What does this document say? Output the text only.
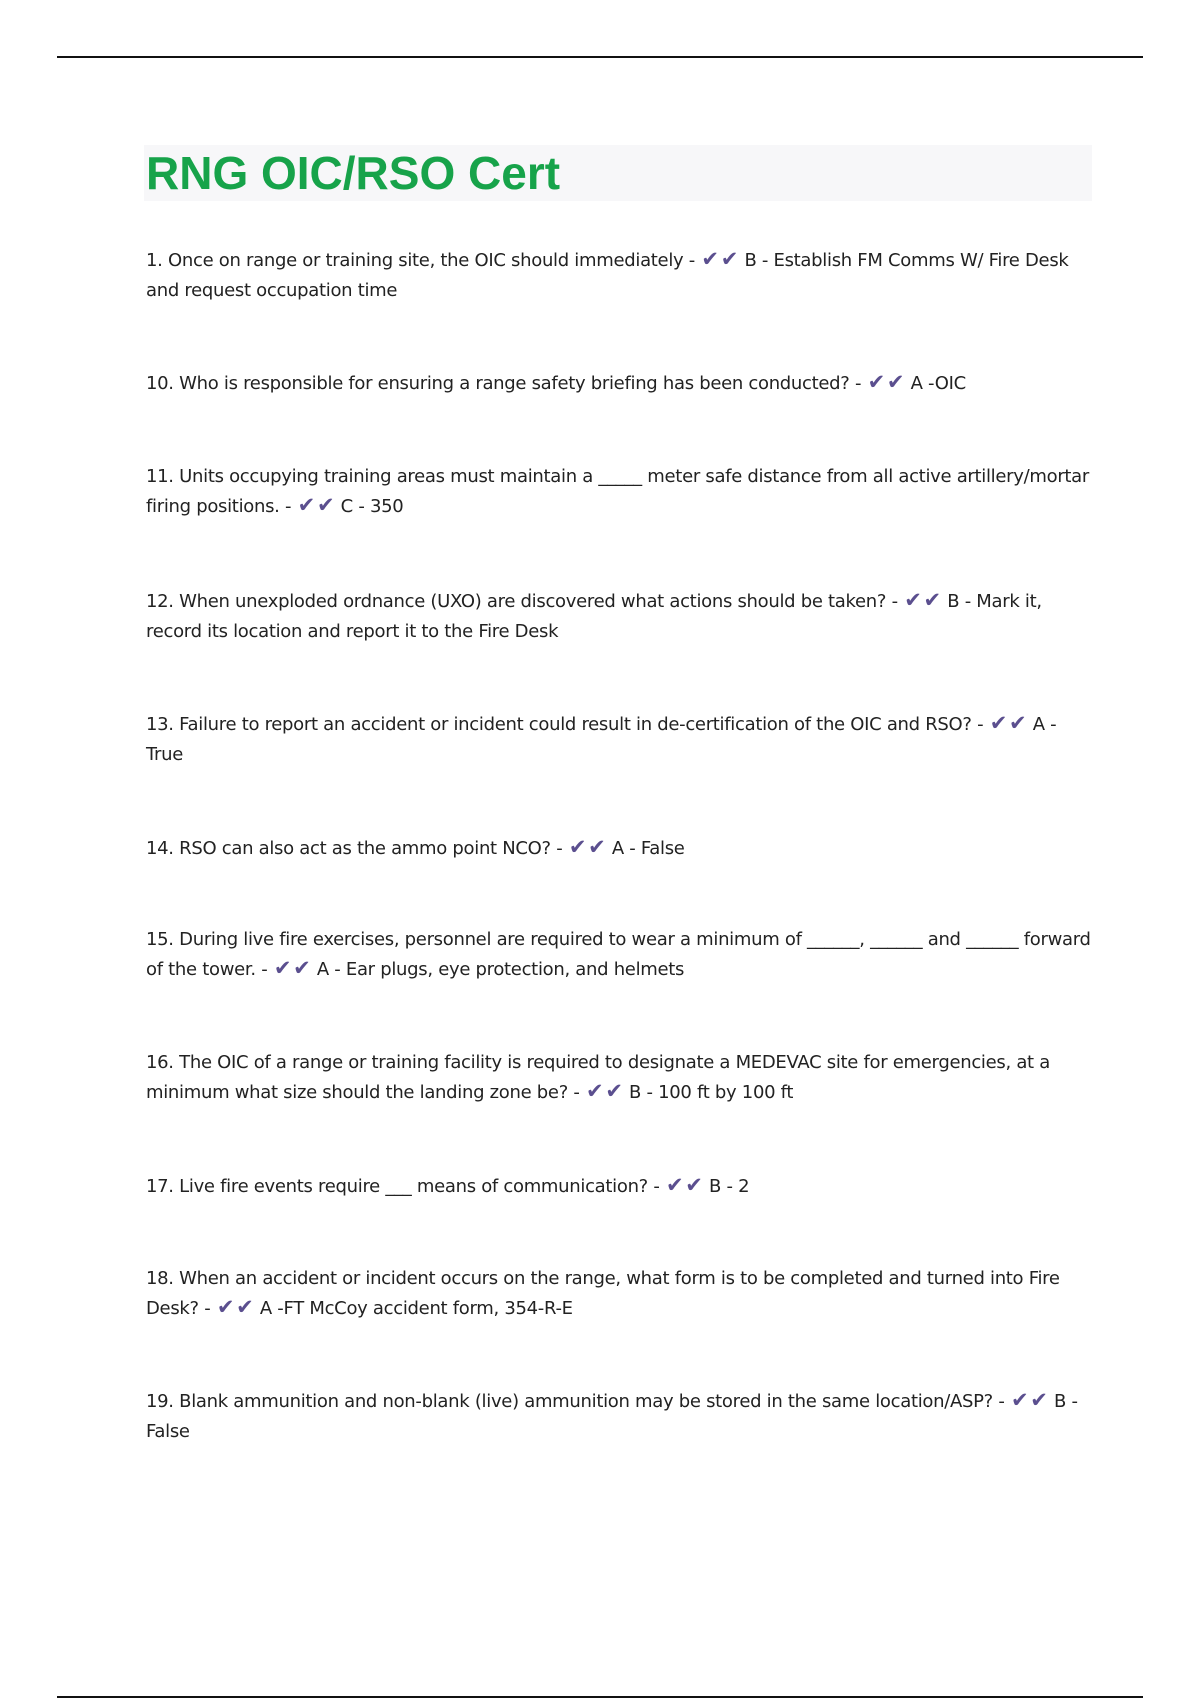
RNG OIC/RSO Cert
1. Once on range or training site, the OIC should immediately - ✔✔ B - Establish FM Comms W/ Fire Desk and request occupation time
10. Who is responsible for ensuring a range safety briefing has been conducted? - ✔✔ A -OIC
11. Units occupying training areas must maintain a _____ meter safe distance from all active artillery/mortar firing positions. - ✔✔ C - 350
12. When unexploded ordnance (UXO) are discovered what actions should be taken? - ✔✔ B - Mark it, record its location and report it to the Fire Desk
13. Failure to report an accident or incident could result in de-certification of the OIC and RSO? - ✔✔ A - True
14. RSO can also act as the ammo point NCO? - ✔✔ A - False
15. During live fire exercises, personnel are required to wear a minimum of ______, ______ and ______ forward of the tower. - ✔✔ A - Ear plugs, eye protection, and helmets
16. The OIC of a range or training facility is required to designate a MEDEVAC site for emergencies, at a minimum what size should the landing zone be? - ✔✔ B - 100 ft by 100 ft
17. Live fire events require ___ means of communication? - ✔✔ B - 2
18. When an accident or incident occurs on the range, what form is to be completed and turned into Fire Desk? - ✔✔ A -FT McCoy accident form, 354-R-E
19. Blank ammunition and non-blank (live) ammunition may be stored in the same location/ASP? - ✔✔ B - False
